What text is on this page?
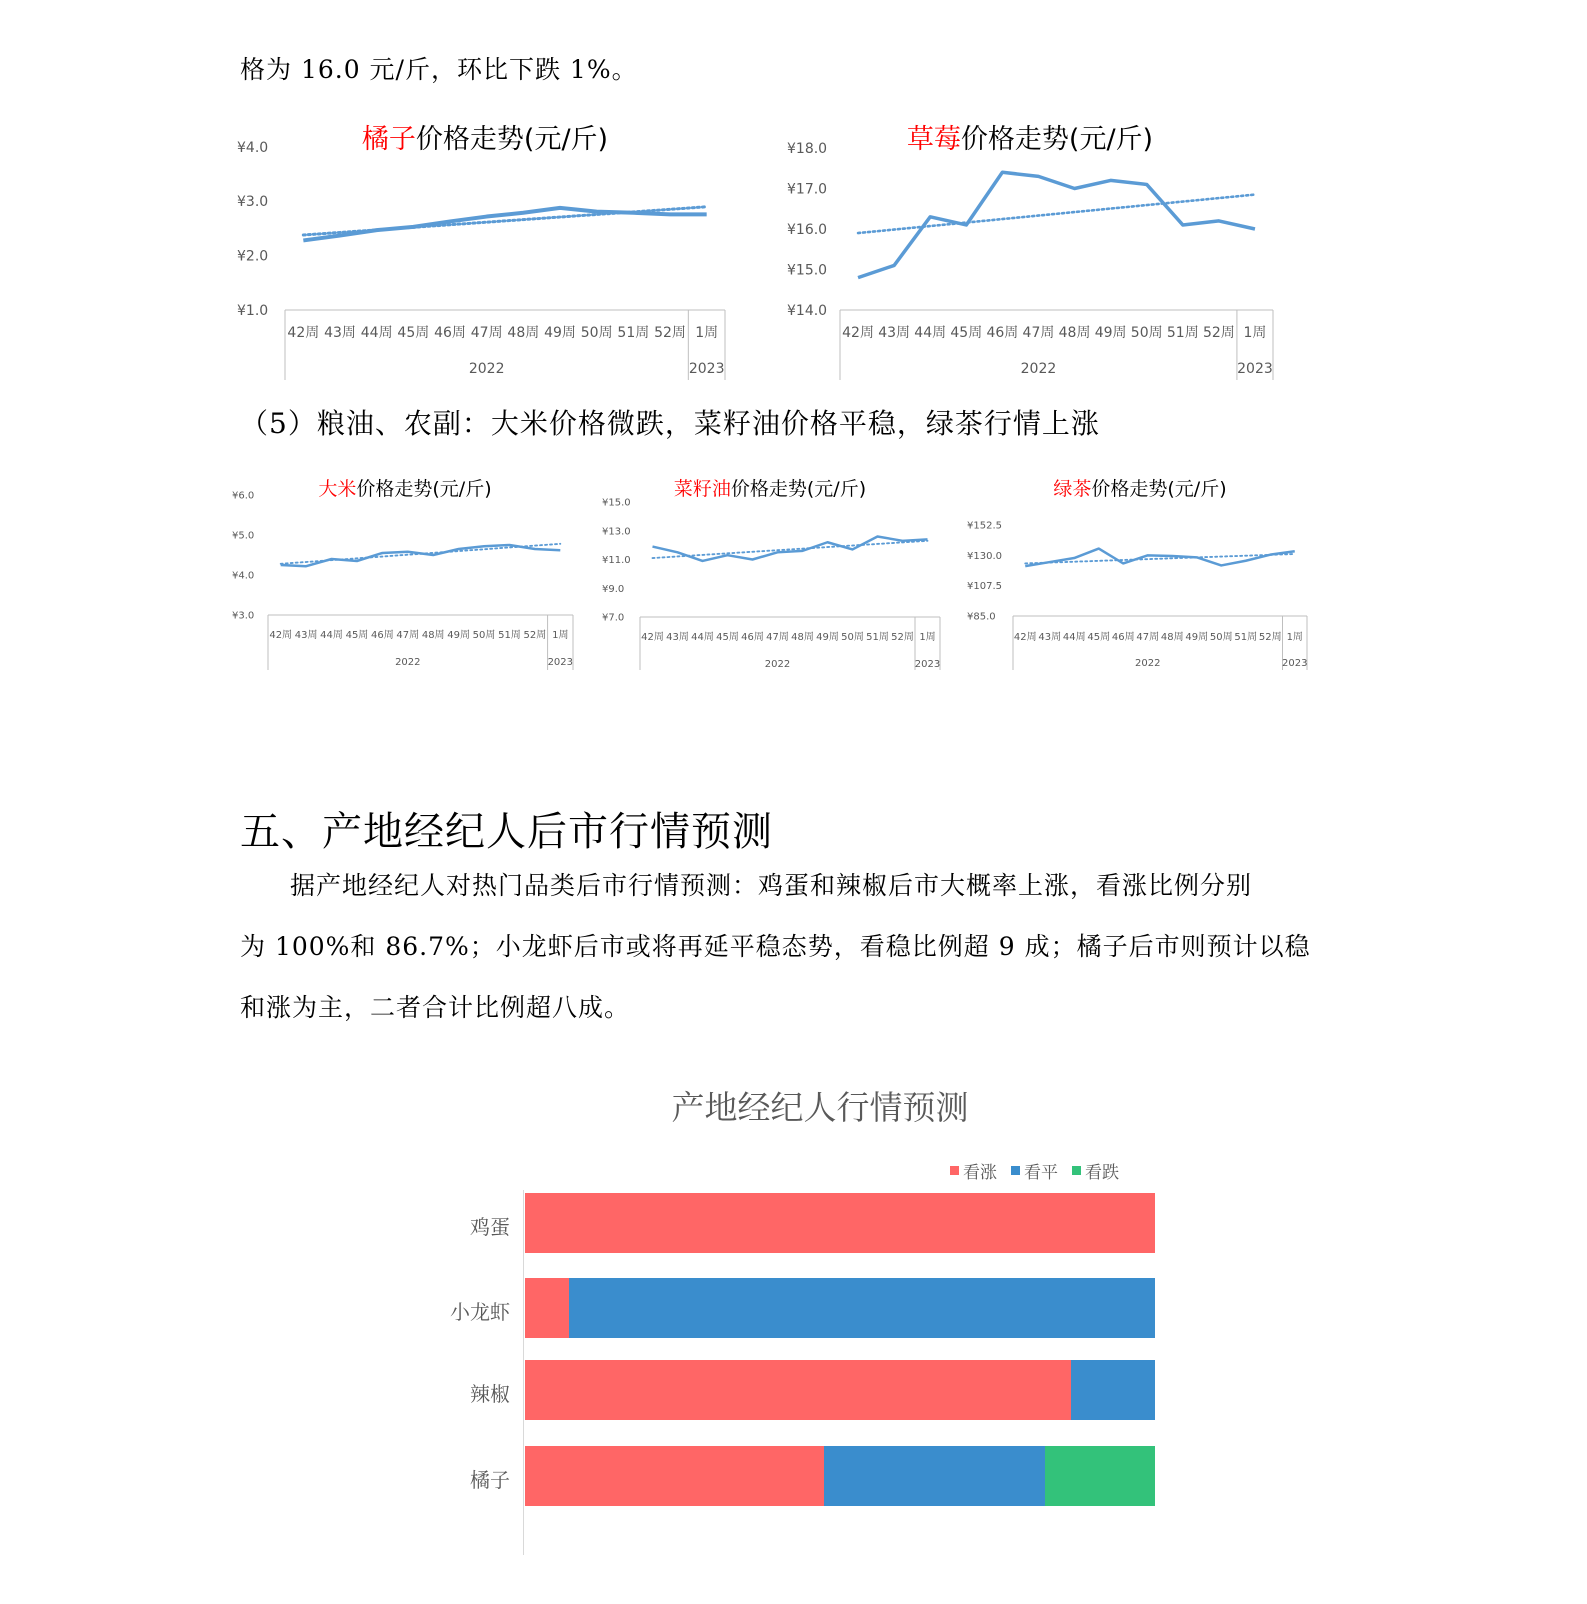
格为 16.0 元/斤，环比下跌 1%。
橘子价格走势(元/斤)
¥1.0
¥2.0
¥3.0
¥4.0
2022	2023
42周 43周 44周 45周 46周 47周 48周 49周 50周 51周 52周 1周
草莓价格走势(元/斤)
¥14.0
¥15.0
¥16.0
¥17.0
¥18.0
2022	2023
42周 43周 44周 45周 46周 47周 48周 49周 50周 51周 52周 1周
（5）粮油、农副：大米价格微跌，菜籽油价格平稳，绿茶行情上涨
大米价格走势(元/斤)
¥3.0
¥4.0
¥5.0
¥6.0
2022	2023
42周 43周 44周 45周 46周 47周 48周 49周 50周 51周 52周 1周
菜籽油价格走势(元/斤)
¥7.0
¥9.0
¥11.0
¥13.0
¥15.0
2022	2023
42周 43周 44周 45周 46周 47周 48周 49周 50周 51周 52周 1周
绿茶价格走势(元/斤)
¥85.0
¥107.5
¥130.0
¥152.5
2022	2023
42周 43周 44周 45周 46周 47周 48周 49周 50周 51周 52周 1周
五、产地经纪人后市行情预测
据产地经纪人对热门品类后市行情预测：鸡蛋和辣椒后市大概率上涨，看涨比例分别
为 100%和 86.7%；小龙虾后市或将再延平稳态势，看稳比例超 9 成；橘子后市则预计以稳
和涨为主，二者合计比例超八成。
产地经纪人行情预测
看涨 看平 看跌
鸡蛋
小龙虾
辣椒
橘子
